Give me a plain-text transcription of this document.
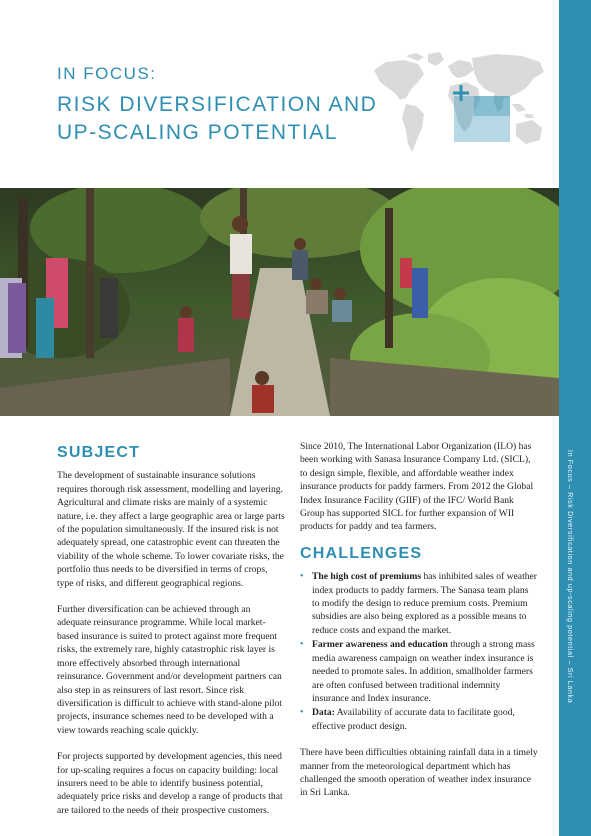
IN FOCUS:
RISK DIVERSIFICATION AND UP-SCALING POTENTIAL
SUBJECT

The development of sustainable insurance solutions requires thorough risk assessment, modelling and layering. Agricultural and climate risks are mainly of a systemic nature, i.e. they affect a large geographic area or large parts of the population simultaneously. If the insured risk is not adequately spread, one catastrophic event can threaten the viability of the whole scheme. To lower covariate risks, the portfolio thus needs to be diversified in terms of crops, type of risks, and different geographical regions.

Further diversification can be achieved through an adequate reinsurance programme. While local market-based insurance is suited to protect against more frequent risks, the extremely rare, highly catastrophic risk layer is more effectively absorbed through international reinsurance. Government and/or development partners can also step in as reinsurers of last resort. Since risk diversification is difficult to achieve with stand-alone pilot projects, insurance schemes need to be developed with a view towards reaching scale quickly.

For projects supported by development agencies, this need for up-scaling requires a focus on capacity building: local insurers need to be able to identify business potential, adequately price risks and develop a range of products that are tailored to the needs of their prospective customers.

Since 2010, The International Labor Organization (ILO) has been working with Sanasa Insurance Company Ltd. (SICL), to design simple, flexible, and affordable weather index insurance products for paddy farmers. From 2012 the Global Index Insurance Facility (GIIF) of the IFC/ World Bank Group has supported SICL for further expansion of WII products for paddy and tea farmers.

CHALLENGES
• The high cost of premiums has inhibited sales of weather index products to paddy farmers. The Sanasa team plans to modify the design to reduce premium costs. Premium subsidies are also being explored as a possible means to reduce costs and expand the market.
• Farmer awareness and education through a strong mass media awareness campaign on weather index insurance is needed to promote sales. In addition, smallholder farmers are often confused between traditional indemnity insurance and Index insurance.
• Data: Availability of accurate data to facilitate good, effective product design.

There have been difficulties obtaining rainfall data in a timely manner from the meteorological department which has challenged the smooth operation of weather index insurance in Sri Lanka.

In Focus – Risk Diversification and up-scaling potential – Sri Lanka
